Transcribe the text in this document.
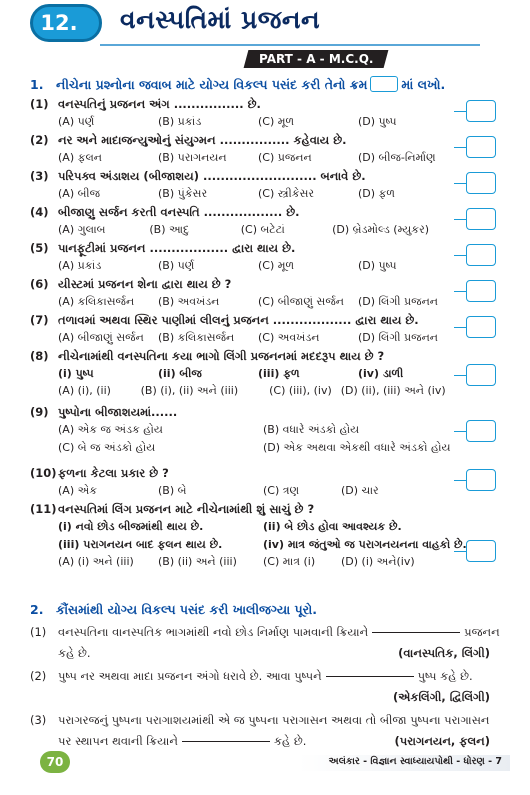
12.	વનસ્પતિમાં પ્રજનન
PART - A - M.C.Q.
1. નીચેના પ્રશ્નોના જવાબ માટે યોગ્ય વિકલ્પ પસંદ કરી તેનો ક્રમ	માં લખો.
(1) વનસ્પતિનું પ્રજનન અંગ ................ છે.
(A) પર્ણ	(B) પ્રકાંડ	(C) મૂળ	(D) પુષ્પ
(2) નર અને માદાજન્યુઓનું સંયુગ્મન ................ કહેવાય છે.
(A) ફલન	(B) પરાગનયન	(C) પ્રજનન	(D) બીજ-નિર્માણ
(3) પરિપક્વ અંડાશય (બીજાશય) .......................... બનાવે છે.
(A) બીજ	(B) પુંકેસર	(C) સ્ત્રીકેસર	(D) ફળ
(4) બીજાણુ સર્જન કરતી વનસ્પતિ .................. છે.
(A) ગુલાબ	(B) આદુ	(C) બટેટાં	(D) બ્રેડમોલ્ડ (મ્યુકર)
(5) પાનફૂટીમાં પ્રજનન .................. દ્વારા થાય છે.
(A) પ્રકાંડ	(B) પર્ણ	(C) મૂળ	(D) પુષ્પ
(6) યીસ્ટમાં પ્રજનન શેના દ્વારા થાય છે ?
(A) કલિકાસર્જન	(B) અવખંડન	(C) બીજાણું સર્જન	(D) લિંગી પ્રજનન
(7) તળાવમાં અથવા સ્થિર પાણીમાં લીલનું પ્રજનન .................. દ્વારા થાય છે.
(A) બીજાણું સર્જન	(B) કલિકાસર્જન	(C) અવખંડન	(D) લિંગી પ્રજનન
(8) નીચેનામાંથી વનસ્પતિના કયા ભાગો લિંગી પ્રજનનમાં મદદરૂપ થાય છે ?
(i) પુષ્પ	(ii) બીજ	(iii) ફળ	(iv) ડાળી
(A) (i), (ii)	(B) (i), (ii) અને (iii)	(C) (iii), (iv) (D) (ii), (iii) અને (iv)
(9) પુષ્પોના બીજાશયમાં......
(A) એક જ અંડક હોય	(B) વધારે અંડકો હોય
(C) બે જ અંડકો હોય	(D) એક અથવા એકથી વધારે અંડકો હોય
(10)ફળના કેટલા પ્રકાર છે ?
(A) એક	(B) બે	(C) ત્રણ	(D) ચાર
(11)વનસ્પતિમાં લિંગ પ્રજનન માટે નીચેનામાંથી શું સાચું છે ?
(i) નવો છોડ બીજમાંથી થાય છે.	(ii) બે છોડ હોવા આવશ્યક છે.
(iii) પરાગનયન બાદ ફલન થાય છે.	(iv) માત્ર જંતુઓ જ પરાગનયનના વાહકો છે.
(A) (i) અને (iii)	(B) (ii) અને (iii)	(C) માત્ર (i)	(D) (i) અને(iv)
2. કૌંસમાંથી યોગ્ય વિકલ્પ પસંદ કરી ખાલીજગ્યા પૂરો.
(1) વનસ્પતિના વાનસ્પતિક ભાગમાંથી નવો છોડ નિર્માણ પામવાની ક્રિયાને	પ્રજનન
કહે છે.	(વાનસ્પતિક, લિંગી)
(2) પુષ્પ નર અથવા માદા પ્રજનન અંગો ધરાવે છે. આવા પુષ્પને	પુષ્પ કહે છે.
(એકલિંગી, દ્વિલિંગી)
(3) પરાગરજનું પુષ્પના પરાગાશયમાંથી એ જ પુષ્પના પરાગાસન અથવા તો બીજા પુષ્પના પરાગાસન
પર સ્થાપન થવાની ક્રિયાને	કહે છે.	(પરાગનયન, ફલન)
70	અલંકાર - વિજ્ઞાન સ્વાધ્યાયપોથી - ધોરણ - 7
